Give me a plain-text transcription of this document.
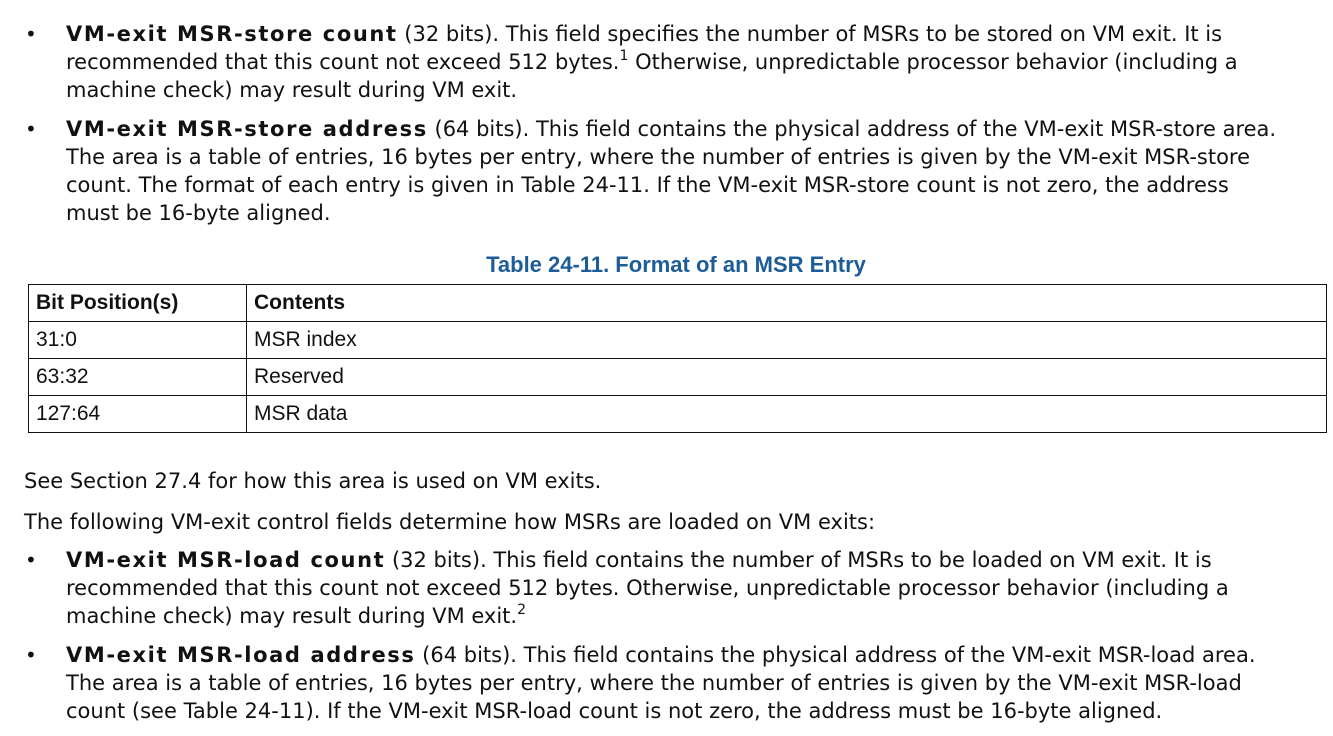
• VM-exit MSR-store count (32 bits). This field specifies the number of MSRs to be stored on VM exit. It is
recommended that this count not exceed 512 bytes.$^1$ Otherwise, unpredictable processor behavior (including a
machine check) may result during VM exit.
• VM-exit MSR-store address (64 bits). This field contains the physical address of the VM-exit MSR-store area.
The area is a table of entries, 16 bytes per entry, where the number of entries is given by the VM-exit MSR-store
count. The format of each entry is given in Table 24-11. If the VM-exit MSR-store count is not zero, the address
must be 16-byte aligned.
Table 24-11. Format of an MSR Entry
Bit Position(s)	Contents
31:0	MSR index
63:32	Reserved
127:64	MSR data
See Section 27.4 for how this area is used on VM exits.
The following VM-exit control fields determine how MSRs are loaded on VM exits:
• VM-exit MSR-load count (32 bits). This field contains the number of MSRs to be loaded on VM exit. It is
recommended that this count not exceed 512 bytes. Otherwise, unpredictable processor behavior (including a
machine check) may result during VM exit.$^2$
• VM-exit MSR-load address (64 bits). This field contains the physical address of the VM-exit MSR-load area.
The area is a table of entries, 16 bytes per entry, where the number of entries is given by the VM-exit MSR-load
count (see Table 24-11). If the VM-exit MSR-load count is not zero, the address must be 16-byte aligned.
